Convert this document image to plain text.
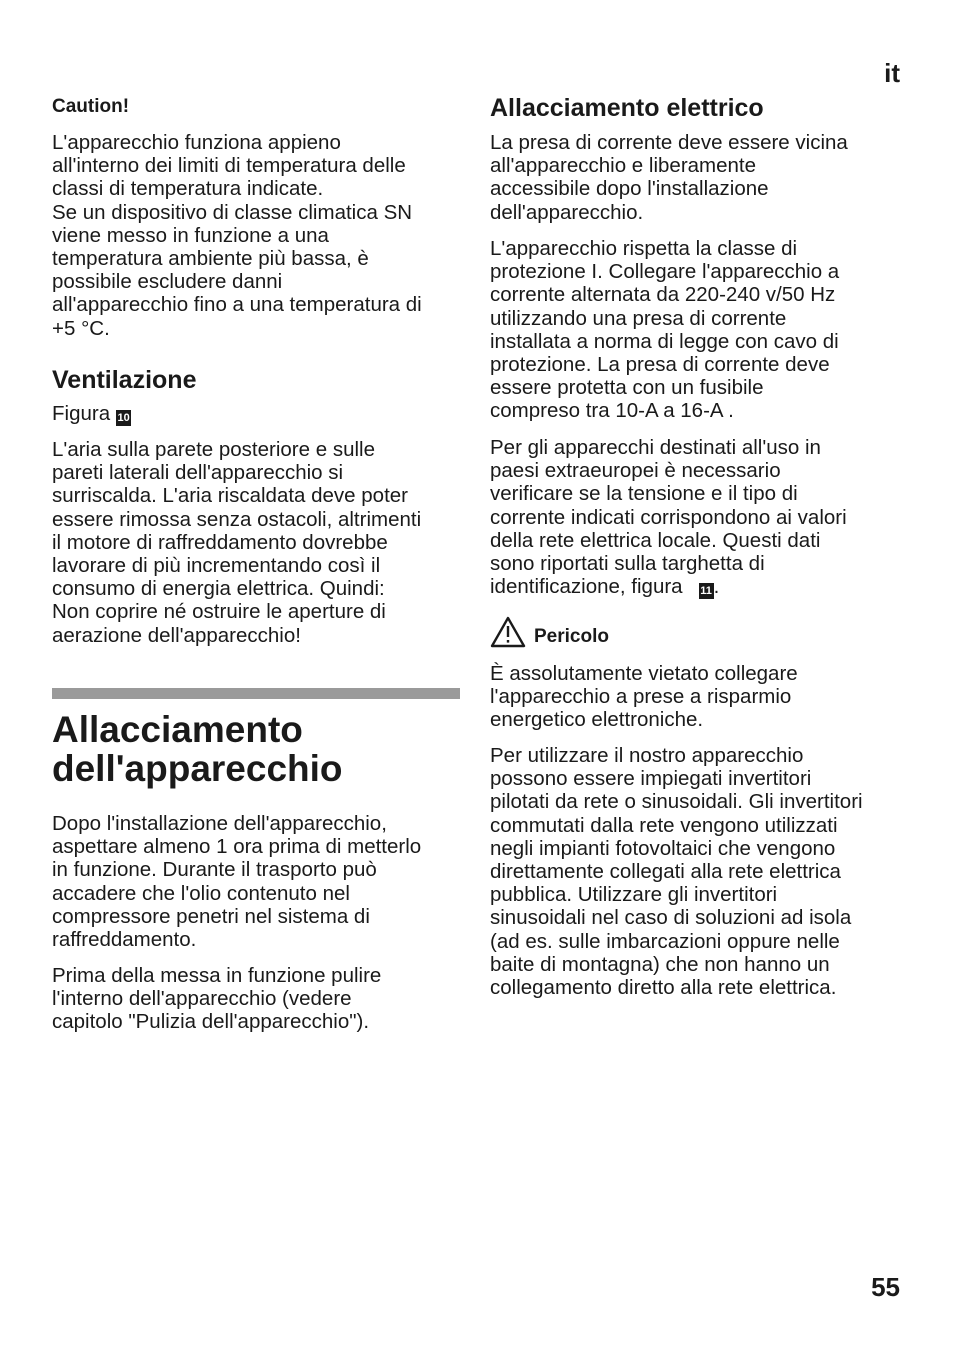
it
55
Caution!
L'apparecchio funziona appieno
all'interno dei limiti di temperatura delle
classi di temperatura indicate.
Se un dispositivo di classe climatica SN
viene messo in funzione a una
temperatura ambiente più bassa, è
possibile escludere danni
all'apparecchio fino a una temperatura di
+5 °C.
Ventilazione
Figura 10
L'aria sulla parete posteriore e sulle
pareti laterali dell'apparecchio si
surriscalda. L'aria riscaldata deve poter
essere rimossa senza ostacoli, altrimenti
il motore di raffreddamento dovrebbe
lavorare di più incrementando così il
consumo di energia elettrica. Quindi:
Non coprire né ostruire le aperture di
aerazione dell'apparecchio!
Allacciamento
dell'apparecchio
Dopo l'installazione dell'apparecchio,
aspettare almeno 1 ora prima di metterlo
in funzione. Durante il trasporto può
accadere che l'olio contenuto nel
compressore penetri nel sistema di
raffreddamento.
Prima della messa in funzione pulire
l'interno dell'apparecchio (vedere
capitolo "Pulizia dell'apparecchio").
Allacciamento elettrico
La presa di corrente deve essere vicina
all'apparecchio e liberamente
accessibile dopo l'installazione
dell'apparecchio.
L'apparecchio rispetta la classe di
protezione I. Collegare l'apparecchio a
corrente alternata da 220-240 v/50 Hz
utilizzando una presa di corrente
installata a norma di legge con cavo di
protezione. La presa di corrente deve
essere protetta con un fusibile
compreso tra 10-A a 16-A .
Per gli apparecchi destinati all'uso in
paesi extraeuropei è necessario
verificare se la tensione e il tipo di
corrente indicati corrispondono ai valori
della rete elettrica locale. Questi dati
sono riportati sulla targhetta di
identificazione, figura 11.
Pericolo
È assolutamente vietato collegare
l'apparecchio a prese a risparmio
energetico elettroniche.
Per utilizzare il nostro apparecchio
possono essere impiegati invertitori
pilotati da rete o sinusoidali. Gli invertitori
commutati dalla rete vengono utilizzati
negli impianti fotovoltaici che vengono
direttamente collegati alla rete elettrica
pubblica. Utilizzare gli invertitori
sinusoidali nel caso di soluzioni ad isola
(ad es. sulle imbarcazioni oppure nelle
baite di montagna) che non hanno un
collegamento diretto alla rete elettrica.
